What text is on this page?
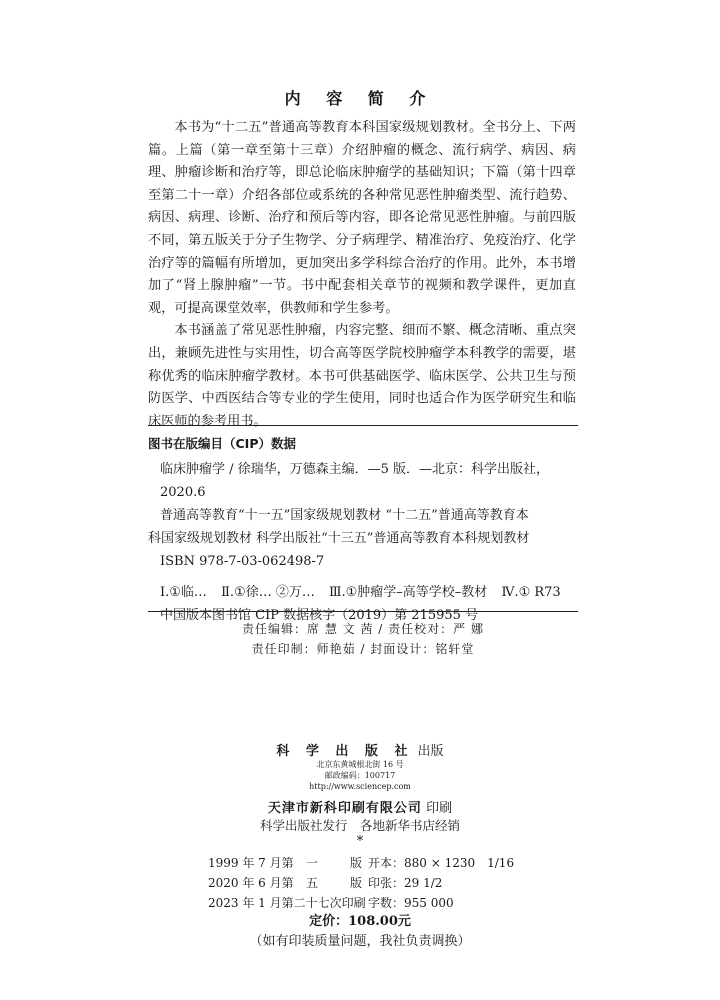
内 容 简 介

本书为“十二五”普通高等教育本科国家级规划教材。全书分上、下两篇。上篇（第一章至第十三章）介绍肿瘤的概念、流行病学、病因、病理、肿瘤诊断和治疗等，即总论临床肿瘤学的基础知识；下篇（第十四章至第二十一章）介绍各部位或系统的各种常见恶性肿瘤类型、流行趋势、病因、病理、诊断、治疗和预后等内容，即各论常见恶性肿瘤。与前四版不同，第五版关于分子生物学、分子病理学、精准治疗、免疫治疗、化学治疗等的篇幅有所增加，更加突出多学科综合治疗的作用。此外，本书增加了“肾上腺肿瘤”一节。书中配套相关章节的视频和教学课件，更加直观，可提高课堂效率，供教师和学生参考。

本书涵盖了常见恶性肿瘤，内容完整、细而不繁、概念清晰、重点突出，兼顾先进性与实用性，切合高等医学院校肿瘤学本科教学的需要，堪称优秀的临床肿瘤学教材。本书可供基础医学、临床医学、公共卫生与预防医学、中西医结合等专业的学生使用，同时也适合作为医学研究生和临床医师的参考用书。

图书在版编目（CIP）数据

临床肿瘤学 / 徐瑞华，万德森主编．—5 版．—北京：科学出版社，

2020.6

普通高等教育“十一五”国家级规划教材 “十二五”普通高等教育本

科国家级规划教材 科学出版社“十三五”普通高等教育本科规划教材

ISBN 978-7-03-062498-7

Ⅰ.①临… Ⅱ.①徐… ②万… Ⅲ.①肿瘤学–高等学校–教材 Ⅳ.① R73

中国版本图书馆 CIP 数据核字（2019）第 215955 号

责任编辑：席 慧 文 茜 / 责任校对：严 娜
责任印制：师艳茹 / 封面设计：铭轩堂
科 学 出 版 社 出版
北京东黄城根北街 16 号
邮政编码：100717
http://www.sciencep.com
天津市新科印刷有限公司 印刷
科学出版社发行　各地新华书店经销
*
1999 年 7 月第 一	版 开本：880 × 1230　1/16
2020 年 6 月第 五	版 印张：29 1/2
2023 年 1 月第二十七次印刷 字数：955 000
定价：108.00元
（如有印装质量问题，我社负责调换）
